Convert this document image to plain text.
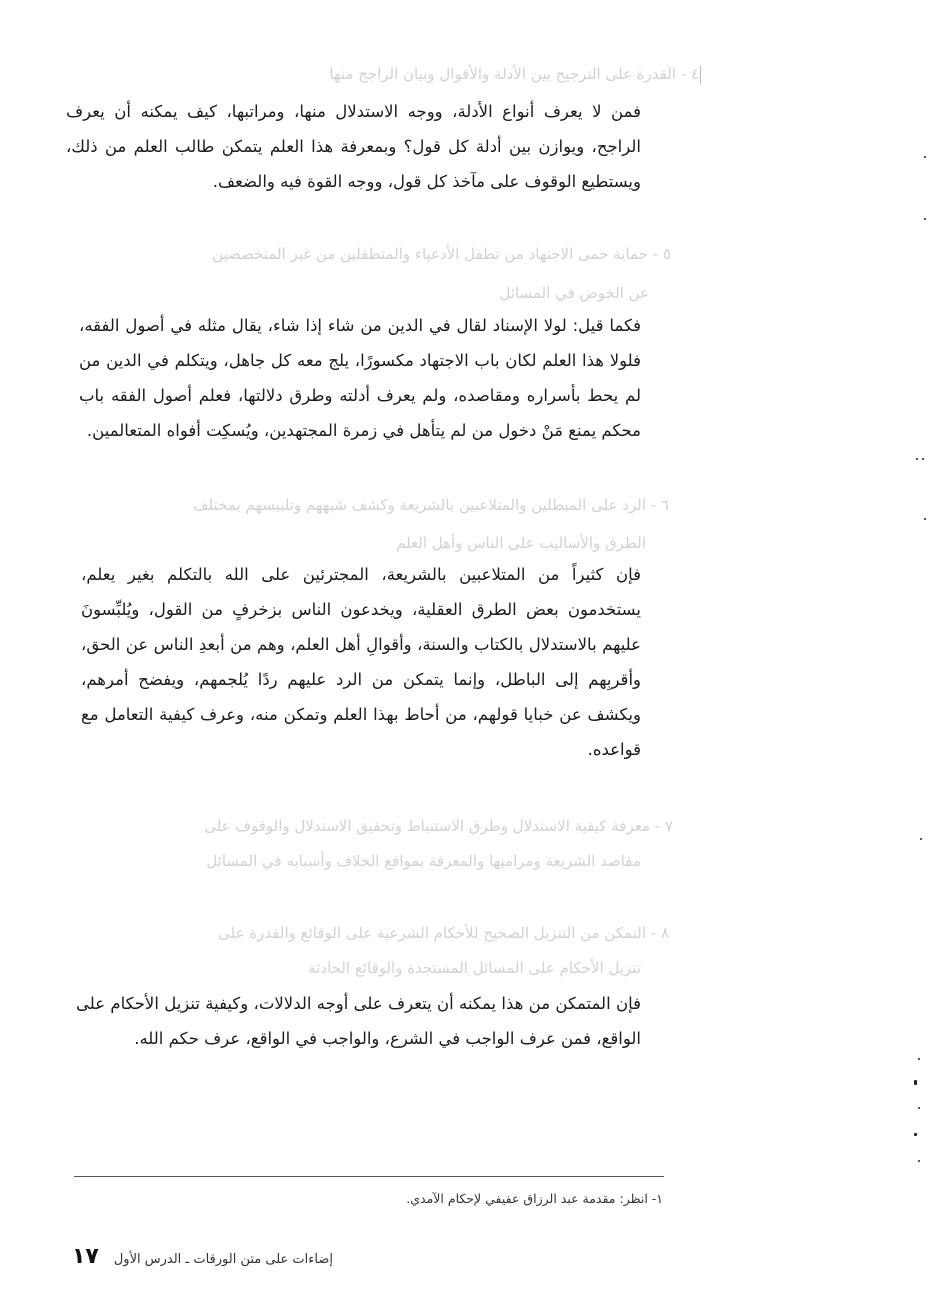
٤ - القدرة على الترجيح بين الأدلة والأقوال وبيان الراجح منها

فمن لا يعرف أنواع الأدلة، ووجه الاستدلال منها، ومراتبها، كيف يمكنه أن يعرف الراجح، ويوازن بين أدلة كل قول؟ وبمعرفة هذا العلم يتمكن طالب العلم من ذلك، ويستطيع الوقوف على مآخذ كل قول، ووجه القوة فيه والضعف.

٥ - حماية حمى الاجتهاد من تطفل الأدعياء والمتطفلين من غير المتخصصين
عن الخوض في المسائل

فكما قيل: لولا الإسناد لقال في الدين من شاء إذا شاء، يقال مثله في أصول الفقه، فلولا هذا العلم لكان باب الاجتهاد مكسورًا، يلج معه كل جاهل، ويتكلم في الدين من لم يحط بأسراره ومقاصده، ولم يعرف أدلته وطرق دلالتها، فعلم أصول الفقه باب محكم يمنع مَنْ دخول من لم يتأهل في زمرة المجتهدين، ويُسكِت أفواه المتعالمين.

٦ - الرد على المبطلين والمتلاعبين بالشريعة وكشف شبههم وتلبيسهم بمختلف
الطرق والأساليب على الناس وأهل العلم

فإن كثيراً من المتلاعبين بالشريعة، المجترئين على الله بالتكلم بغير يعلم، يستخدمون بعض الطرق العقلية، ويخدعون الناس بزخرفٍ من القول، ويُلبِّسونَ عليهم بالاستدلال بالكتاب والسنة، وأقوالِ أهل العلم، وهم من أبعدِ الناس عن الحق، وأقربِهم إلى الباطل، وإنما يتمكن من الرد عليهم ردًا يُلجمهم، ويفضح أمرهم، ويكشف عن خبايا قولهم، من أحاط بهذا العلم وتمكن منه، وعرف كيفية التعامل مع قواعده.

٧ - معرفة كيفية الاستدلال وطرق الاستنباط وتحقيق الاستدلال والوقوف على
مقاصد الشريعة ومراميها والمعرفة بمواقع الخلاف وأسبابه في المسائل
٨ - التمكن من التنزيل الصحيح للأحكام الشرعية على الوقائع والقدرة على
تنزيل الأحكام على المسائل المستجدة والوقائع الحادثة

فإن المتمكن من هذا يمكنه أن يتعرف على أوجه الدلالات، وكيفية تنزيل الأحكام على الواقع، فمن عرف الواجب في الشرع، والواجب في الواقع، عرف حكم الله.

١- انظر: مقدمة عبد الرزاق عفيفي لإحكام الآمدي.
١٧	إضاءات على متن الورقات ـ الدرس الأول
